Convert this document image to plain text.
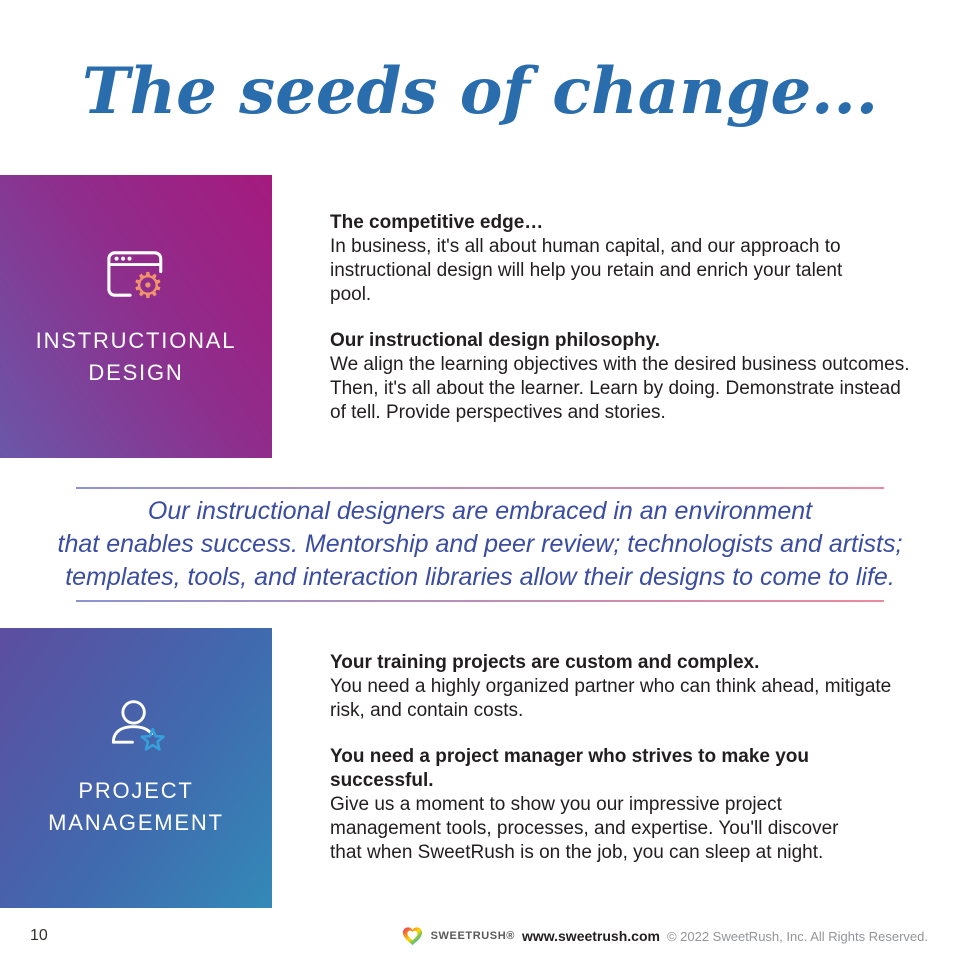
The seeds of change...
⚙
INSTRUCTIONAL DESIGN

The competitive edge…
In business, it's all about human capital, and our approach to instructional design will help you retain and enrich your talent pool.

Our instructional design philosophy.
We align the learning objectives with the desired business outcomes. Then, it's all about the learner. Learn by doing. Demonstrate instead of tell. Provide perspectives and stories.

Our instructional designers are embraced in an environment
that enables success. Mentorship and peer review; technologists and artists;
templates, tools, and interaction libraries allow their designs to come to life.
PROJECT MANAGEMENT

Your training projects are custom and complex.
You need a highly organized partner who can think ahead, mitigate risk, and contain costs.

You need a project manager who strives to make you successful.
Give us a moment to show you our impressive project management tools, processes, and expertise. You'll discover that when SweetRush is on the job, you can sleep at night.

10	SWEETRUSH® www.sweetrush.com © 2022 SweetRush, Inc. All Rights Reserved.
